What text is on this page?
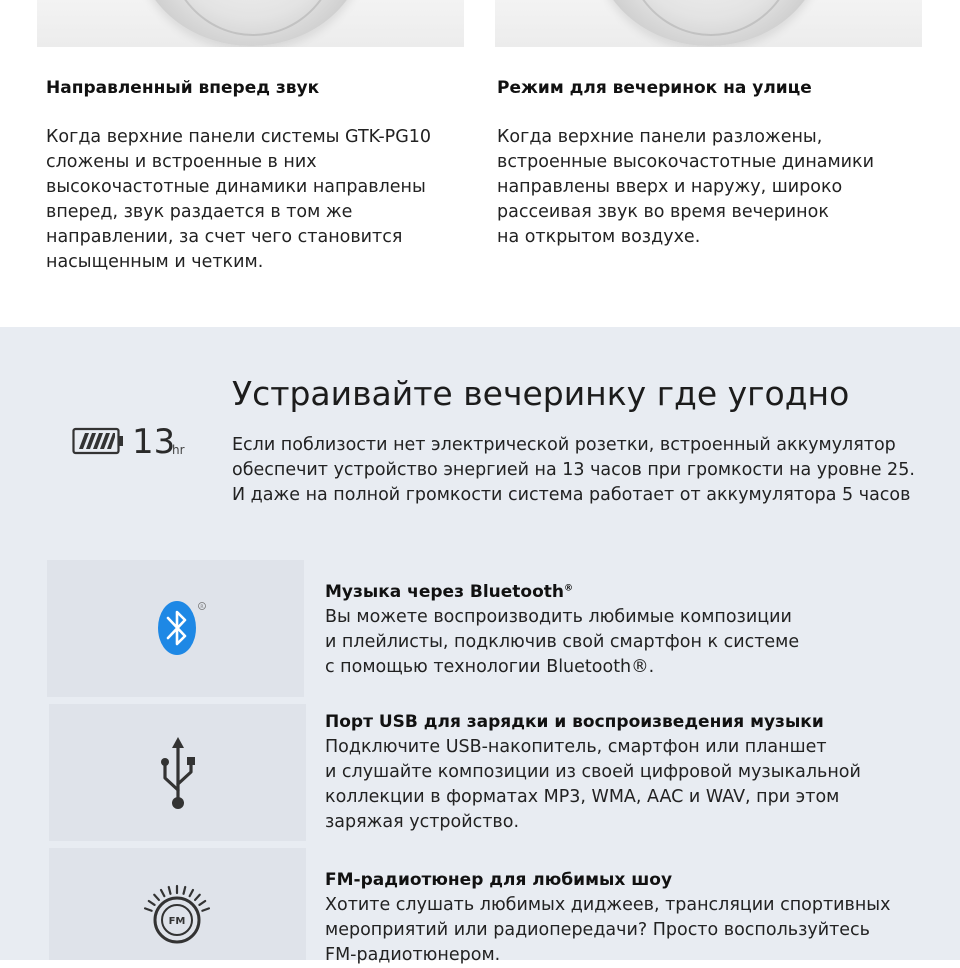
Направленный вперед звук

Когда верхние панели системы GTK-PG10
сложены и встроенные в них
высокочастотные динамики направлены
вперед, звук раздается в том же
направлении, за счет чего становится
насыщенным и четким.

Режим для вечеринок на улице

Когда верхние панели разложены,
встроенные высокочастотные динамики
направлены вверх и наружу, широко
рассеивая звук во время вечеринок
на открытом воздухе.

Устраивайте вечеринку где угодно
13
hr	Если поблизости нет электрической розетки, встроенный аккумулятор
обеспечит устройство энергией на 13 часов при громкости на уровне 25.
И даже на полной громкости система работает от аккумулятора 5 часов

R
Музыка через Bluetooth®

Вы можете воспроизводить любимые композиции
и плейлисты, подключив свой смартфон к системе
с помощью технологии Bluetooth®.

Порт USB для зарядки и воспроизведения музыки

Подключите USB-накопитель, смартфон или планшет
и слушайте композиции из своей цифровой музыкальной
коллекции в форматах MP3, WMA, AAC и WAV, при этом
заряжая устройство.

FM
FM-радиотюнер для любимых шоу

Хотите слушать любимых диджеев, трансляции спортивных
мероприятий или радиопередачи? Просто воспользуйтесь
FM-радиотюнером.
